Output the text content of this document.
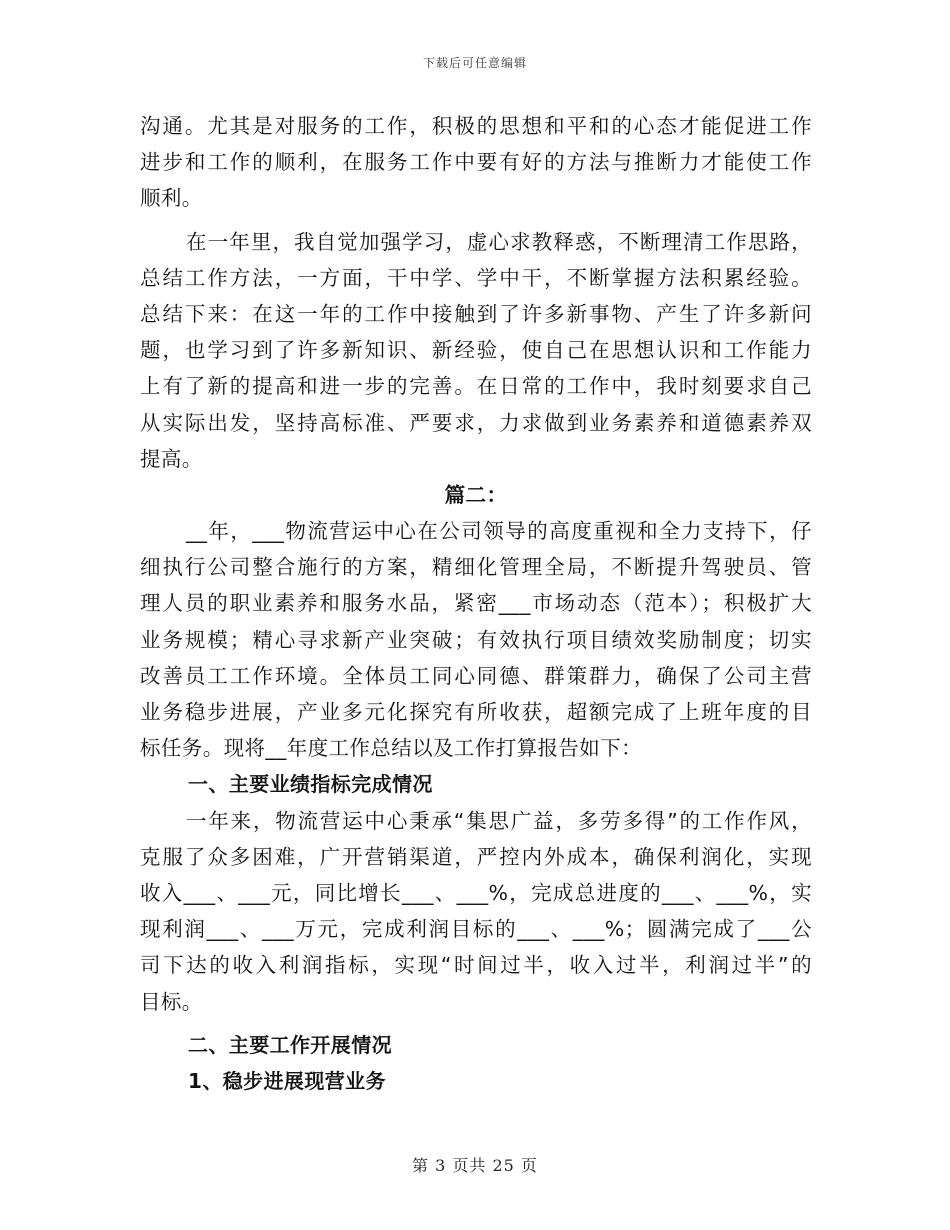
下载后可任意编辑
沟通。尤其是对服务的工作，积极的思想和平和的心态才能促进工作
进步和工作的顺利，在服务工作中要有好的方法与推断力才能使工作
顺利。
在一年里，我自觉加强学习，虚心求教释惑，不断理清工作思路，
总结工作方法，一方面，干中学、学中干，不断掌握方法积累经验。
总结下来：在这一年的工作中接触到了许多新事物、产生了许多新问
题，也学习到了许多新知识、新经验，使自己在思想认识和工作能力
上有了新的提高和进一步的完善。在日常的工作中，我时刻要求自己
从实际出发，坚持高标准、严要求，力求做到业务素养和道德素养双
提高。
篇二：
__年，___物流营运中心在公司领导的高度重视和全力支持下，仔
细执行公司整合施行的方案，精细化管理全局，不断提升驾驶员、管
理人员的职业素养和服务水品，紧密___市场动态（范本）；积极扩大
业务规模；精心寻求新产业突破；有效执行项目绩效奖励制度；切实
改善员工工作环境。全体员工同心同德、群策群力，确保了公司主营
业务稳步进展，产业多元化探究有所收获，超额完成了上班年度的目
标任务。现将__年度工作总结以及工作打算报告如下：
一、主要业绩指标完成情况
一年来，物流营运中心秉承“集思广益，多劳多得”的工作作风，
克服了众多困难，广开营销渠道，严控内外成本，确保利润化，实现
收入___、___元，同比增长___、___%，完成总进度的___、___%，实
现利润___、___万元，完成利润目标的___、___%；圆满完成了___公
司下达的收入利润指标，实现“时间过半，收入过半，利润过半”的
目标。
二、主要工作开展情况
1、稳步进展现营业务
第 3 页共 25 页
